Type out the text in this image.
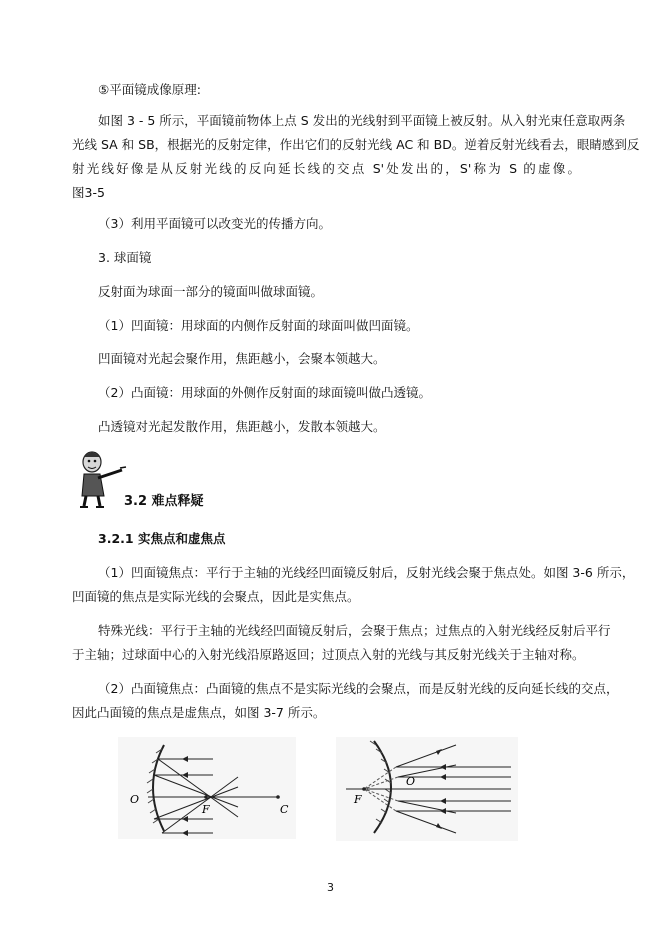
⑤平面镜成像原理:
如图 3 - 5 所示，平面镜前物体上点 S 发出的光线射到平面镜上被反射。从入射光束任意取两条
光线 SA 和 SB，根据光的反射定律，作出它们的反射光线 AC 和 BD。逆着反射光线看去，眼睛感到反
射光线好像是从反射光线的反向延长线的交点 S'处发出的，S'称为 S 的虚像。
图3-5
（3）利用平面镜可以改变光的传播方向。
3. 球面镜
反射面为球面一部分的镜面叫做球面镜。
（1）凹面镜：用球面的内侧作反射面的球面叫做凹面镜。
凹面镜对光起会聚作用，焦距越小，会聚本领越大。
（2）凸面镜：用球面的外侧作反射面的球面镜叫做凸透镜。
凸透镜对光起发散作用，焦距越小，发散本领越大。
3.2 难点释疑
3.2.1 实焦点和虚焦点
（1）凹面镜焦点：平行于主轴的光线经凹面镜反射后，反射光线会聚于焦点处。如图 3-6 所示，
凹面镜的焦点是实际光线的会聚点，因此是实焦点。
特殊光线：平行于主轴的光线经凹面镜反射后，会聚于焦点；过焦点的入射光线经反射后平行
于主轴；过球面中心的入射光线沿原路返回；过顶点入射的光线与其反射光线关于主轴对称。
（2）凸面镜焦点：凸面镜的焦点不是实际光线的会聚点，而是反射光线的反向延长线的交点，
因此凸面镜的焦点是虚焦点，如图 3-7 所示。
O
F	C
F
O
3
